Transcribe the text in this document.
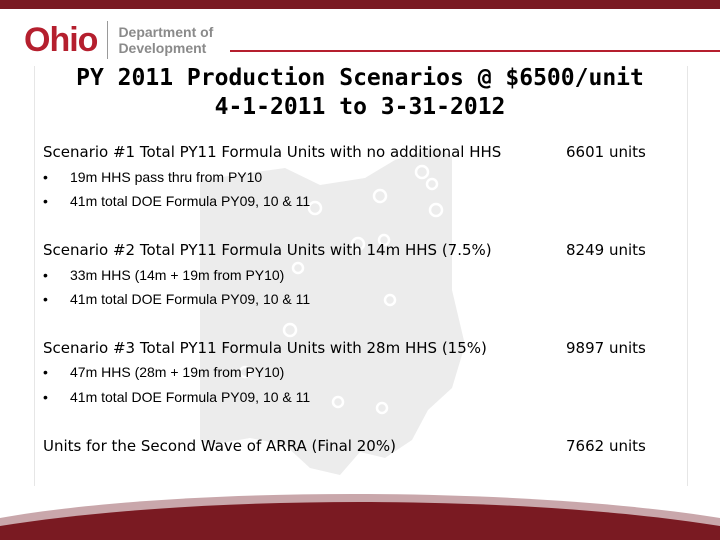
Ohio Department of
Development
PY 2011 Production Scenarios @ $6500/unit
4-1-2011 to 3-31-2012
Scenario #1 Total PY11 Formula Units with no additional HHS	6601 units
•	19m HHS pass thru from PY10
•	41m total DOE Formula PY09, 10 & 11
Scenario #2 Total PY11 Formula Units with 14m HHS (7.5%)	8249 units
•	33m HHS (14m + 19m from PY10)
•	41m total DOE Formula PY09, 10 & 11
Scenario #3 Total PY11 Formula Units with 28m HHS (15%)	9897 units
•	47m HHS (28m + 19m from PY10)
•	41m total DOE Formula PY09, 10 & 11
Units for the Second Wave of ARRA (Final 20%)	7662 units
